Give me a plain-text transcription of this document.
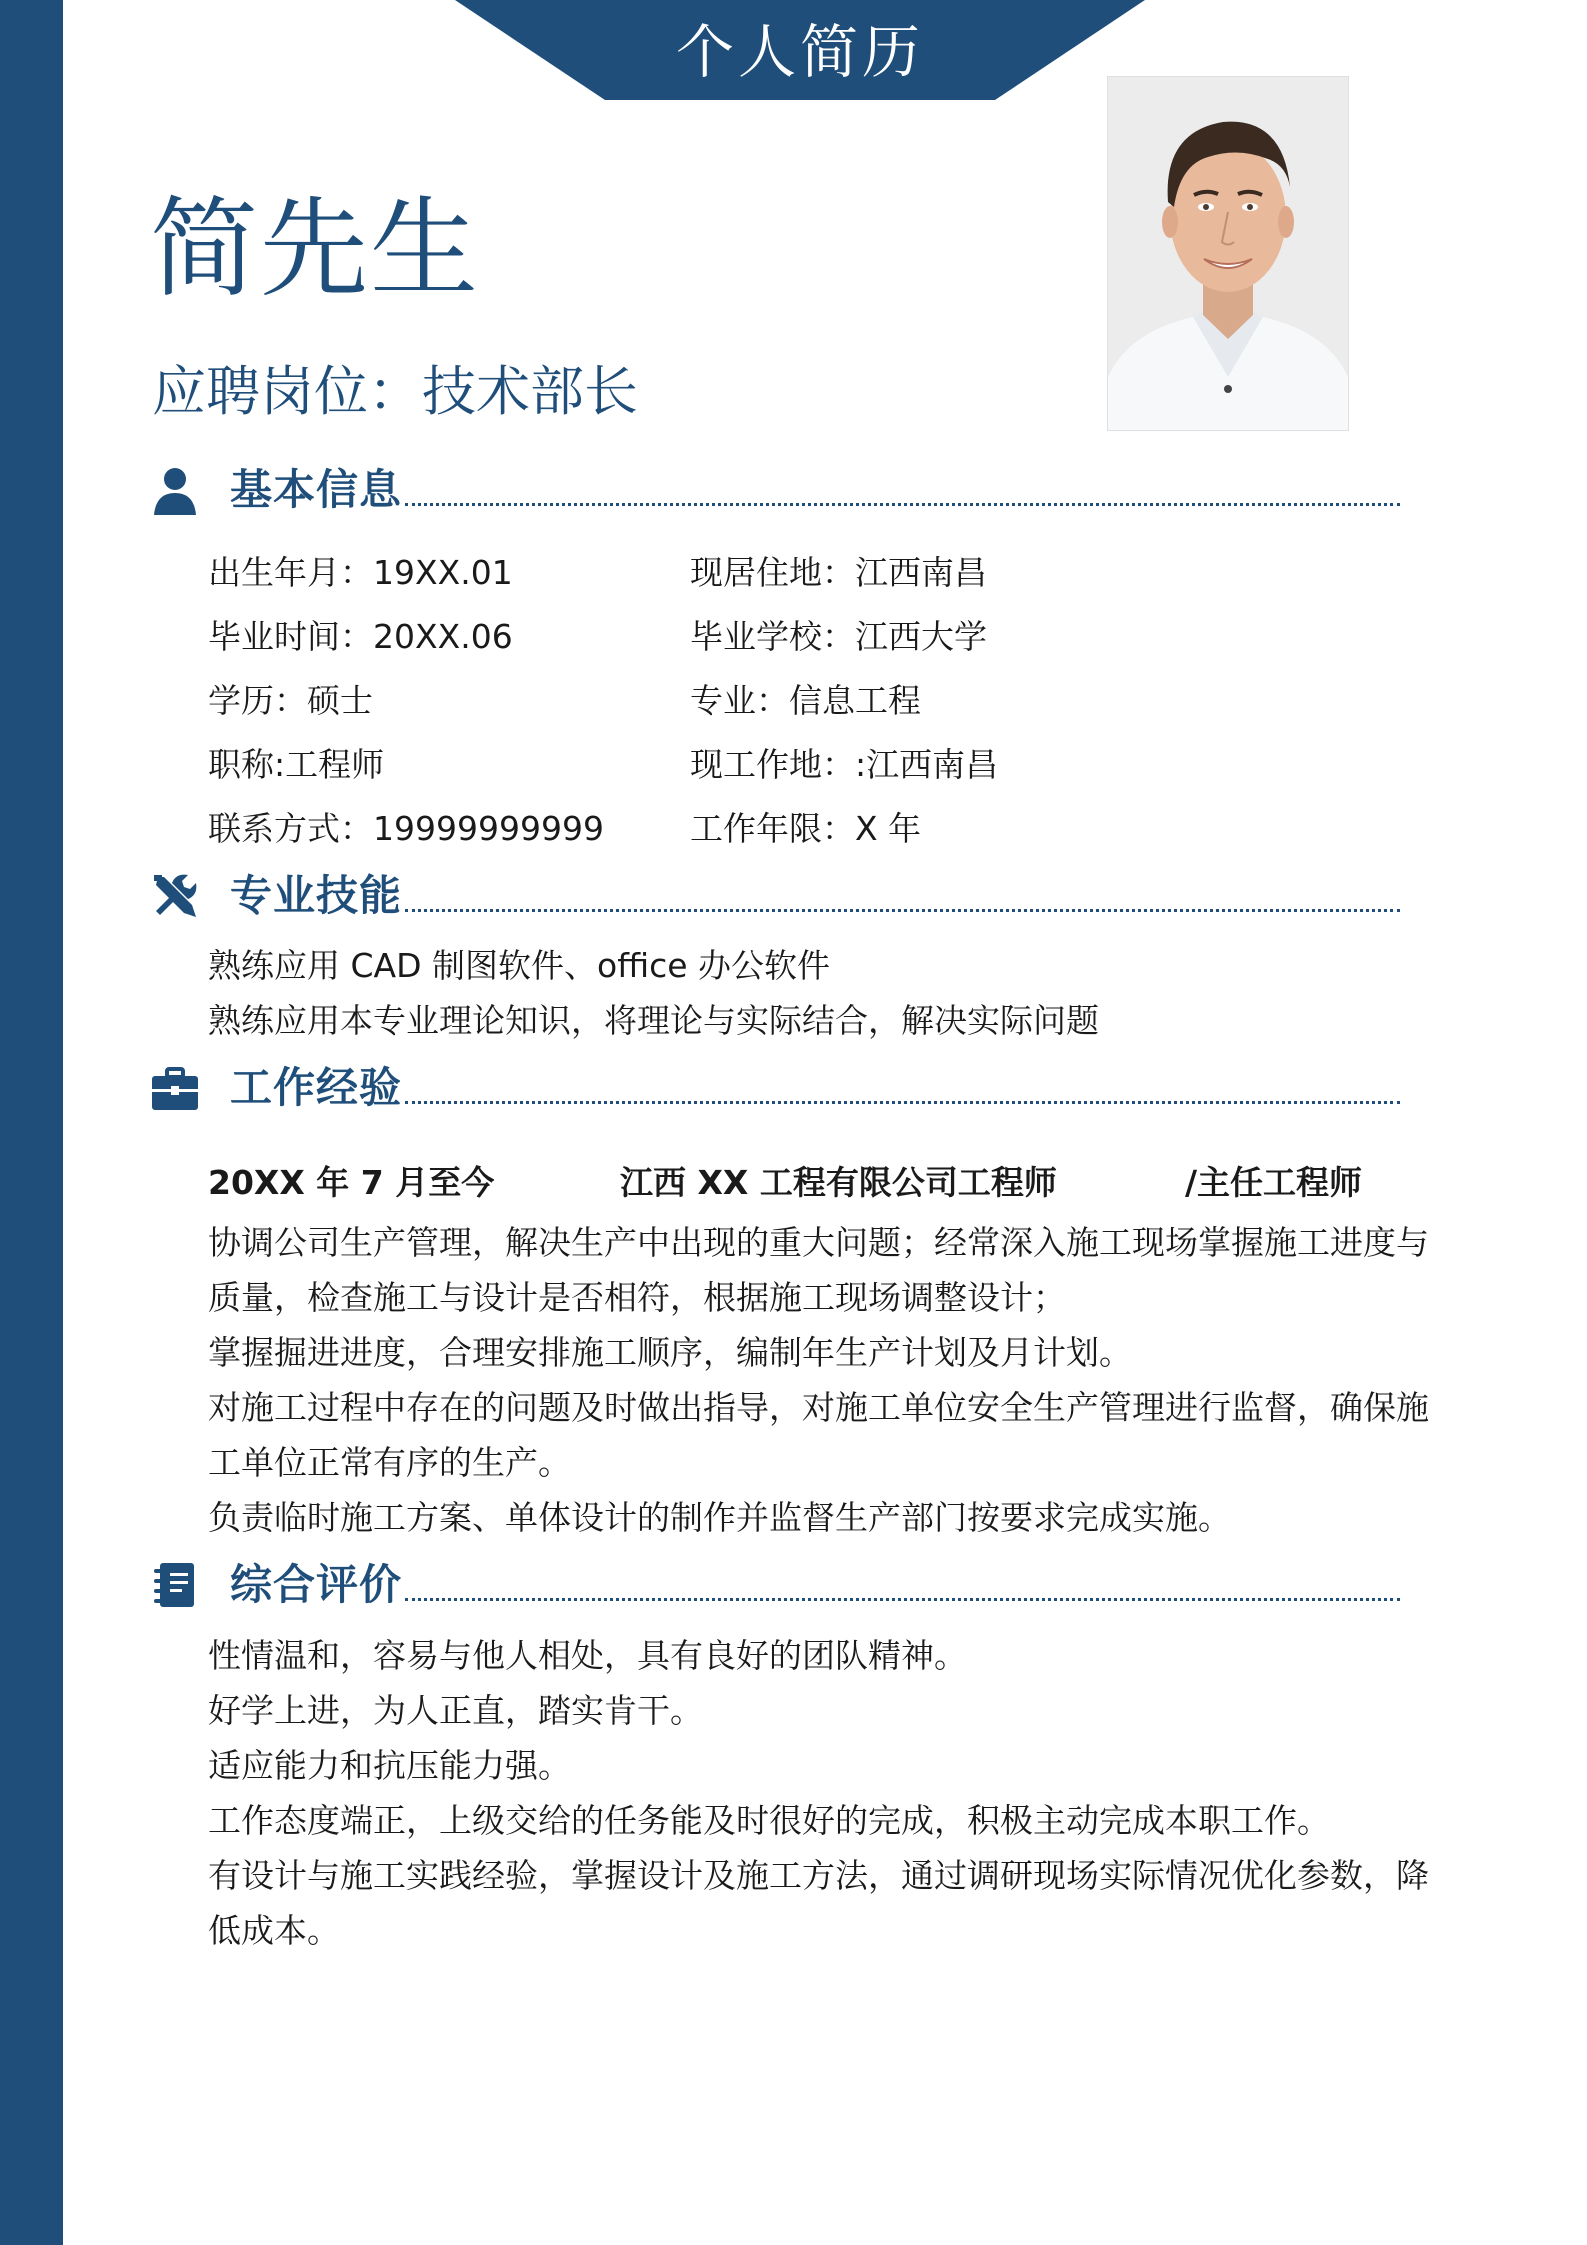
个人简历
简先生
应聘岗位：技术部长
基本信息
出生年月：19XX.01	现居住地：江西南昌
毕业时间：20XX.06	毕业学校：江西大学
学历：硕士	专业：信息工程
职称:工程师	现工作地：:江西南昌
联系方式：19999999999	工作年限：X 年
专业技能

熟练应用 CAD 制图软件、office 办公软件

熟练应用本专业理论知识，将理论与实际结合，解决实际问题

工作经验
20XX 年 7 月至今	江西 XX 工程有限公司工程师	/主任工程师

协调公司生产管理，解决生产中出现的重大问题；经常深入施工现场掌握施工进度与质量，检查施工与设计是否相符，根据施工现场调整设计；

掌握掘进进度，合理安排施工顺序，编制年生产计划及月计划。

对施工过程中存在的问题及时做出指导，对施工单位安全生产管理进行监督，确保施工单位正常有序的生产。

负责临时施工方案、单体设计的制作并监督生产部门按要求完成实施。

综合评价

性情温和，容易与他人相处，具有良好的团队精神。

好学上进，为人正直，踏实肯干。

适应能力和抗压能力强。

工作态度端正，上级交给的任务能及时很好的完成，积极主动完成本职工作。

有设计与施工实践经验，掌握设计及施工方法，通过调研现场实际情况优化参数，降低成本。
